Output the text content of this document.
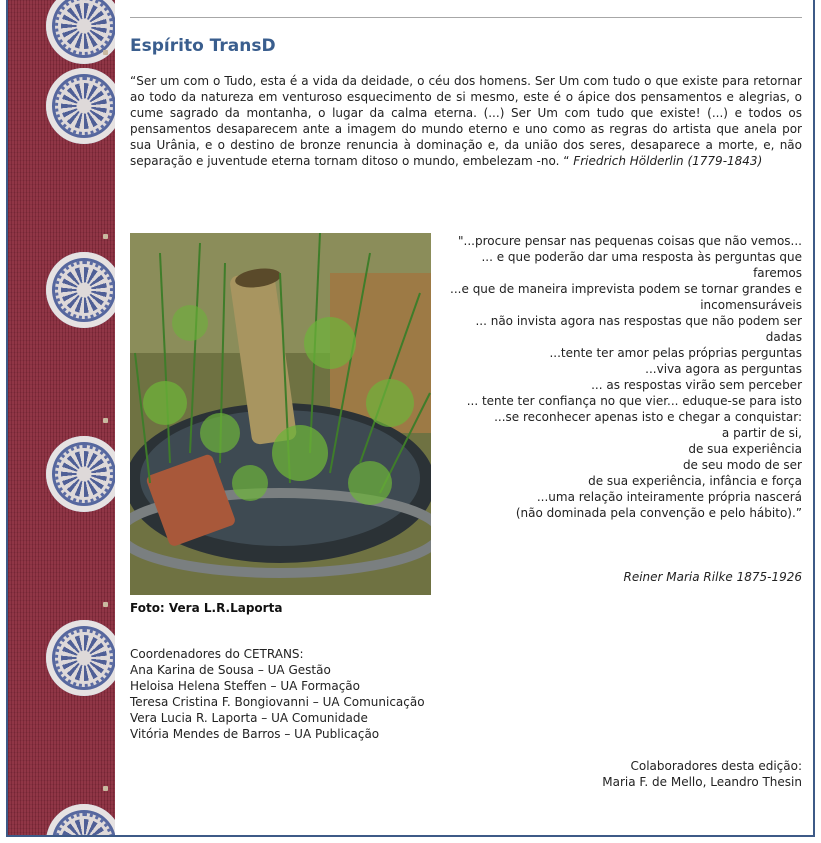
Espírito TransD
“Ser um com o Tudo, esta é a vida da deidade, o céu dos homens. Ser Um com tudo o que existe para retornar ao todo da natureza em venturoso esquecimento de si mesmo, este é o ápice dos pensamentos e alegrias, o cume sagrado da montanha, o lugar da calma eterna. (...) Ser Um com tudo que existe! (...) e todos os pensamentos desaparecem ante a imagem do mundo eterno e uno como as regras do artista que anela por sua Urânia, e o destino de bronze renuncia à dominação e, da união dos seres, desaparece a morte, e, não separação e juventude eterna tornam ditoso o mundo, embelezam -no. “ Friedrich Hölderlin (1779-1843)
"...procure pensar nas pequenas coisas que não vemos...
... e que poderão dar uma resposta às perguntas que faremos
...e que de maneira imprevista podem se tornar grandes e incomensuráveis
... não invista agora nas respostas que não podem ser dadas
...tente ter amor pelas próprias perguntas
...viva agora as perguntas
... as respostas virão sem perceber
... tente ter confiança no que vier... eduque-se para isto
...se reconhecer apenas isto e chegar a conquistar:
a partir de si,
de sua experiência
de seu modo de ser
de sua experiência, infância e força
...uma relação inteiramente própria nascerá
(não dominada pela convenção e pelo hábito).”
Reiner Maria Rilke 1875-1926
Foto: Vera L.R.Laporta
Coordenadores do CETRANS:
Ana Karina de Sousa – UA Gestão
Heloisa Helena Steffen – UA Formação
Teresa Cristina F. Bongiovanni – UA Comunicação
Vera Lucia R. Laporta – UA Comunidade
Vitória Mendes de Barros – UA Publicação
Colaboradores desta edição:
Maria F. de Mello, Leandro Thesin
